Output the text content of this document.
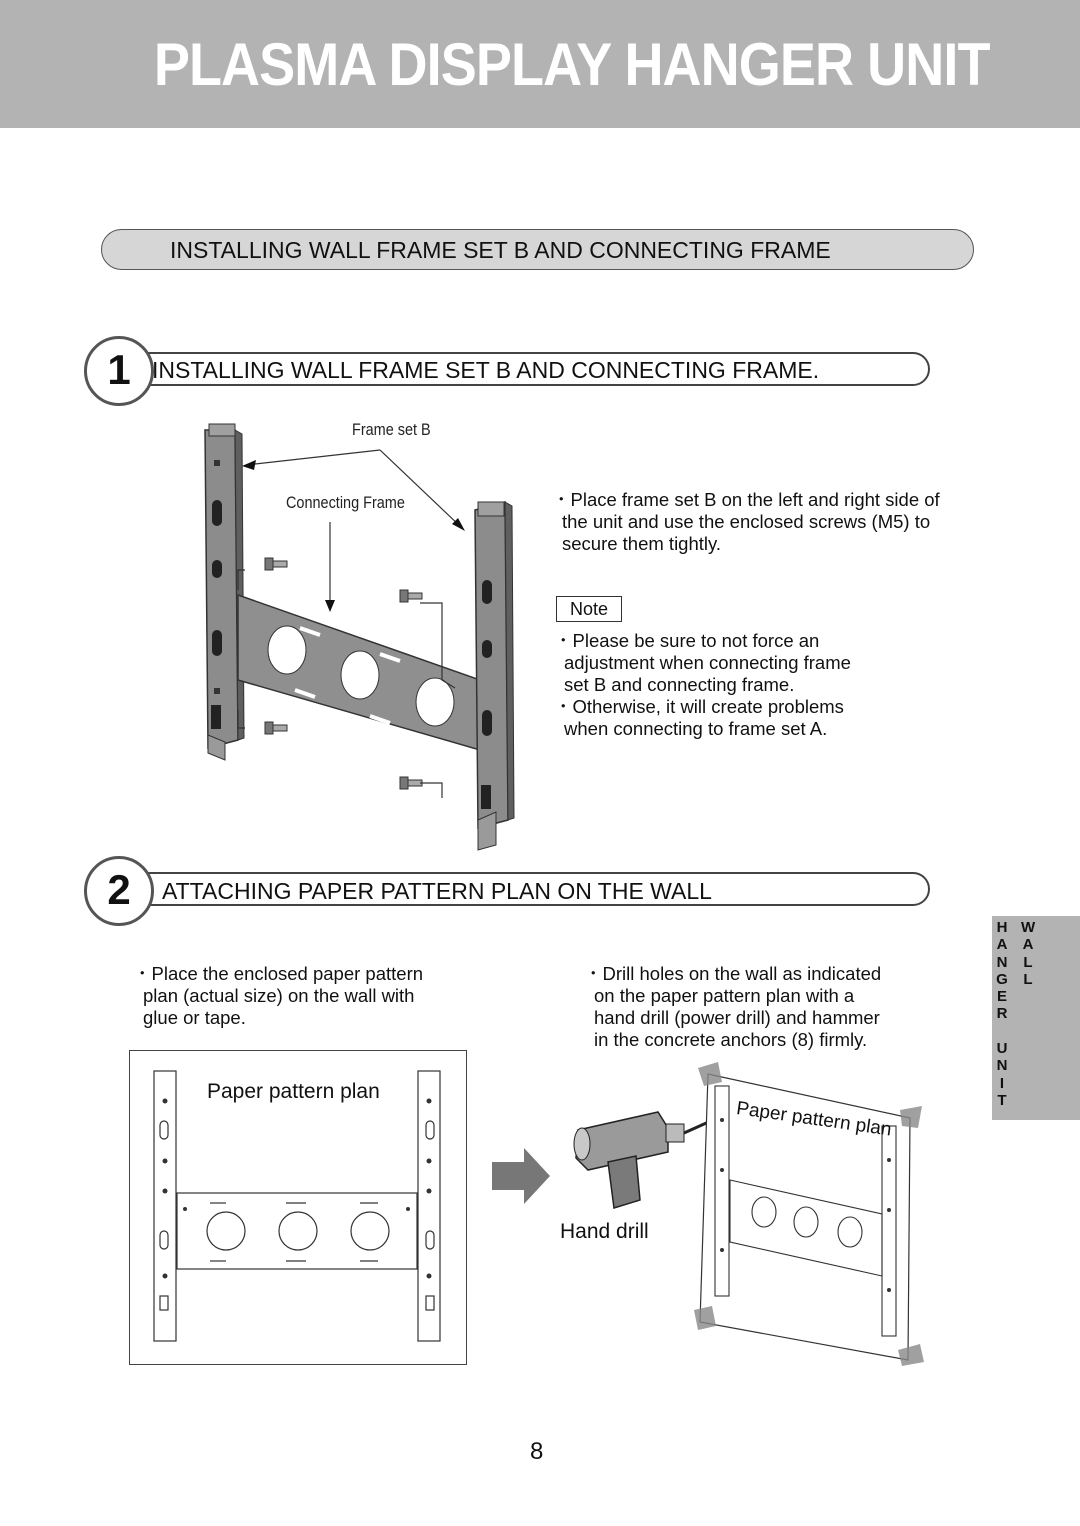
PLASMA DISPLAY HANGER UNIT
INSTALLING WALL FRAME SET B AND CONNECTING FRAME
1 INSTALLING WALL FRAME SET B AND CONNECTING FRAME.
Frame set B
Connecting Frame	・Place frame set B on the left and right side of
the unit and use the enclosed screws (M5) to
secure them tightly.
Note
・Please be sure to not force an
adjustment when connecting frame
set B and connecting frame.
・Otherwise, it will create problems
when connecting to frame set A.
2	ATTACHING PAPER PATTERN PLAN ON THE WALL
・Place the enclosed paper pattern
plan (actual size) on the wall with
glue or tape.
・Drill holes on the wall as indicated
on the paper pattern plan with a
hand drill (power drill) and hammer
in the concrete anchors (8) firmly.
Paper pattern plan
Hand drill
Paper pattern plan
H
A
N
G
E
R
U
N
I
T
W
A
L
L
8
